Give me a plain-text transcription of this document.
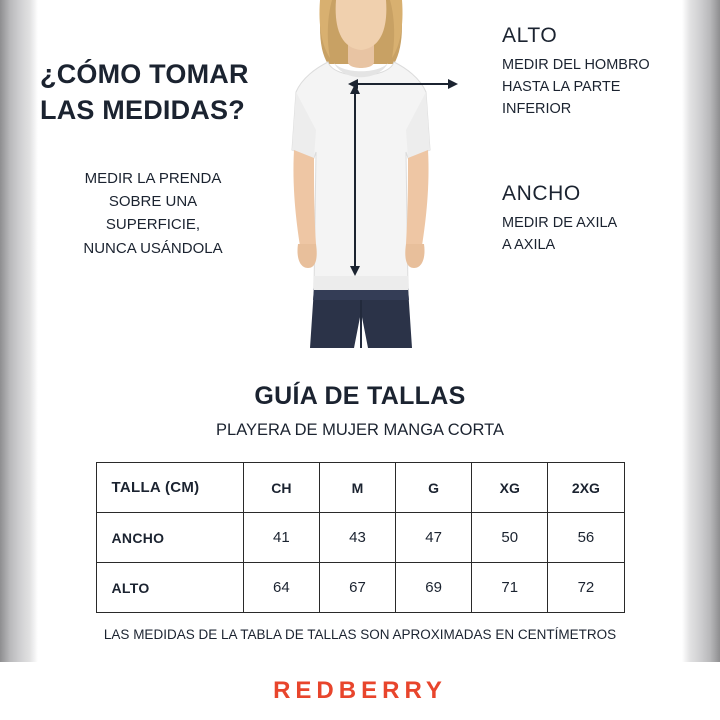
¿CÓMO TOMAR
LAS MEDIDAS?
MEDIR LA PRENDA
SOBRE UNA
SUPERFICIE,
NUNCA USÁNDOLA
ALTO
MEDIR DEL HOMBRO
HASTA LA PARTE
INFERIOR
ANCHO
MEDIR DE AXILA
A AXILA
GUÍA DE TALLAS
PLAYERA DE MUJER MANGA CORTA
TALLA (CM)	CH	M	G	XG	2XG
ANCHO	41	43	47	50	56
ALTO	64	67	69	71	72
LAS MEDIDAS DE LA TABLA DE TALLAS SON APROXIMADAS EN CENTÍMETROS
REDBERRY
